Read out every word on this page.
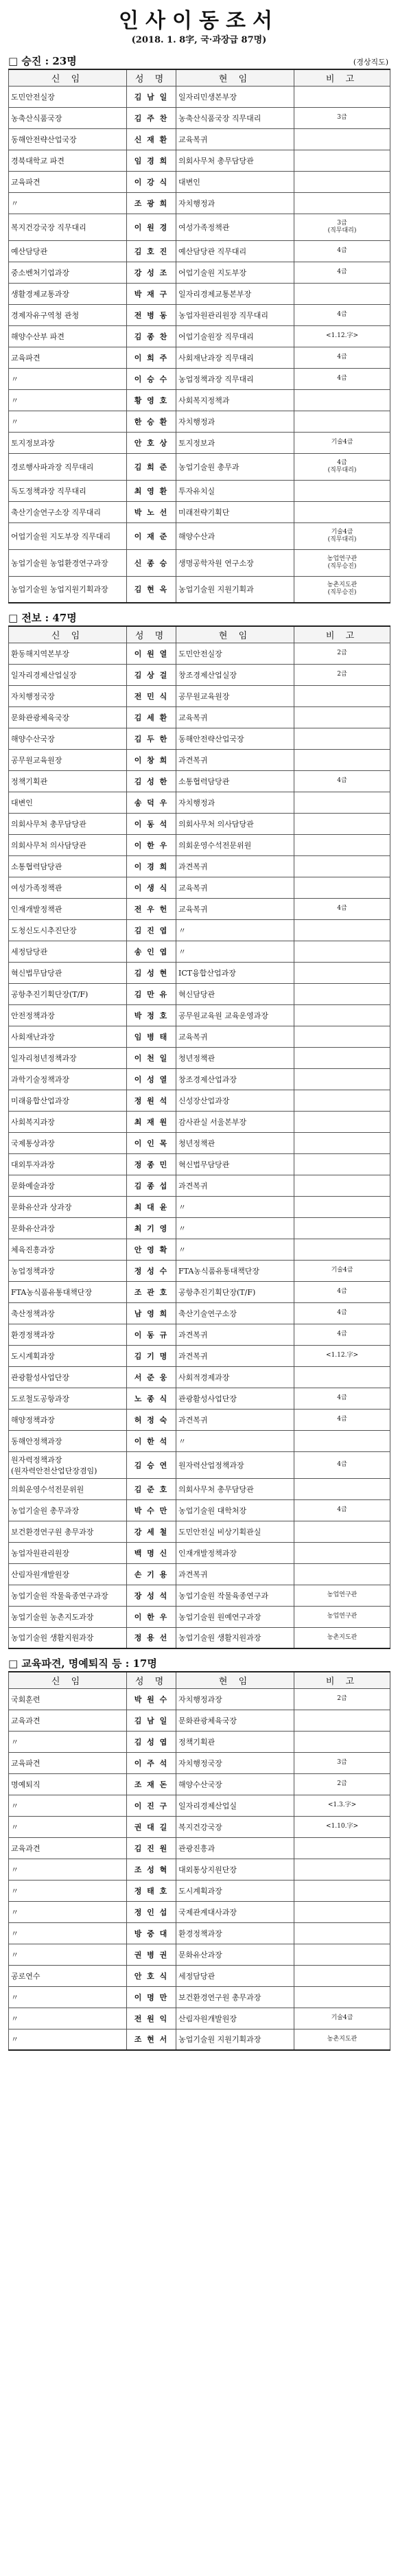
인사이동조서
(2018. 1. 8字, 국·과장급 87명)
□ 승진 : 23명	(경상직도)
신 임	성 명	현 임	비 고
도민안전실장	김 남 일	일자리민생본부장	
농축산식품국장	김 주 찬	농축산식품국장 직무대리	3급
동해안전략산업국장	신 재 환	교육복귀	
경북대학교 파견	임 경 희	의회사무처 총무담당관	
교육파견	이 강 식	대변인	
〃	조 광 희	자치행정과	
복지건강국장 직무대리	이 원 경	여성가족정책관	3급
(직무대리)
예산담당관	김 호 진	예산담당관 직무대리	4급
중소벤처기업과장	강 성 조	어업기술원 지도부장	4급
생활경제교통과장	박 재 구	일자리경제교통본부장	
경제자유구역청 관청	전 병 동	농업자원관리원장 직무대리	4급
해양수산부 파견	김 종 찬	어업기술원장 직무대리	<1.12.字>
교육파견	이 희 주	사회재난과장 직무대리	4급
〃	이 승 수	농업정책과장 직무대리	4급
〃	황 영 호	사회복지정책과	
〃	한 승 환	자치행정과	
토지정보과장	안 호 상	토지정보과	기술4급
경로행사파과장 직무대리	김 희 준	농업기술원 총무과	4급
(직무대리)
독도정책과장 직무대리	최 영 환	투자유치실	
축산기술연구소장 직무대리	박 노 선	미래전략기획단	
어업기술원 지도부장 직무대리	이 재 준	해양수산과	기술4급
(직무대리)
농업기술원 농업환경연구과장	신 종 승	생명공학자원 연구소장	농업연구관
(직무승진)
농업기술원 농업지원기획과장	김 현 옥	농업기술원 지원기획과	농촌지도관
(직무승진)
□ 전보 : 47명
신 임	성 명	현 임	비 고
환동해지역본부장	이 원 열	도민안전실장	2급
일자리경제산업실장	김 상 걸	창조경제산업실장	2급
자치행정국장	전 민 식	공무원교육원장	
문화관광체육국장	김 세 환	교육복귀	
해양수산국장	김 두 한	동해안전략산업국장	
공무원교육원장	이 창 희	과견복귀	
정책기획관	김 성 한	소통협력담당관	4급
대변인	송 덕 우	자치행정과	
의회사무처 총무담당관	이 동 석	의회사무처 의사담당관	
의회사무처 의사담당관	이 한 우	의회운영수석전문위원	
소통협력담당관	이 경 희	과견복귀	
여성가족정책관	이 생 식	교육복귀	
인재개발정책관	전 우 헌	교육복귀	4급
도청신도시추진단장	김 진 엽	〃	
세정담당관	송 인 엽	〃	
혁신법무담당관	김 성 현	ICT융합산업과장	
공항추진기획단장(T/F)	김 만 유	혁신담당관	
안전정책과장	박 정 호	공무원교육원 교육운영과장	
사회재난과장	임 병 태	교육복귀	
일자리청년정책과장	이 천 일	청년정책관	
과학기술정책과장	이 성 열	창조경제산업과장	
미래융합산업과장	정 원 석	신성장산업과장	
사회복지과장	최 재 원	감사관실 서울본부장	
국제통상과장	이 인 목	청년정책관	
대외투자과장	정 종 민	혁신법무담당관	
문화예술과장	김 종 섭	과견복귀	
문화유산과 상과장	최 대 윤	〃	
문화유산과장	최 기 영	〃	
체육진흥과장	안 영 확	〃	
농업정책과장	정 성 수	FTA농식품유통대책단장	기술4급
FTA농식품유통대책단장	조 관 호	공항추진기획단장(T/F)	4급
축산정책과장	남 영 희	축산기술연구소장	4급
환경정책과장	이 동 규	과견복귀	4급
도시계획과장	김 기 명	과견복귀	<1.12.字>
관광활성사업단장	서 준 웅	사회적경제과장	
도로철도공항과장	노 종 식	관광활성사업단장	4급
해양정책과장	허 정 숙	과견복귀	4급
동해안정책과장	이 한 석	〃	
원자력정책과장
(원자력안전산업단장겸임)	김 승 연	원자력산업정책과장	4급
의회운영수석전문위원	김 준 호	의회사무처 총무담당관	
농업기술원 총무과장	박 수 만	농업기술원 대학처장	4급
보건환경연구원 총무과장	강 세 철	도민안전실 비상기획관실	
농업자원관리원장	백 명 신	인재개발정책과장	
산림자원개발원장	손 기 용	과견복귀	
농업기술원 작물육종연구과장	장 성 석	농업기술원 작물육종연구과	농업연구관
농업기술원 농촌지도과장	이 한 우	농업기술원 원예연구과장	농업연구관
농업기술원 생활지원과장	정 용 선	농업기술원 생활지원과장	농촌지도관
□ 교육파견, 명예퇴직 등 : 17명
신 임	성 명	현 임	비 고
국회훈련	박 원 수	자치행정과장	2급
교육과견	김 남 일	문화관광체육국장	
〃	김 성 엽	정책기획관	
교육파견	이 주 석	자치행정국장	3급
명예퇴직	조 재 돈	해양수산국장	2급
〃	이 진 구	일자리경제산업실	<1.3.字>
〃	권 대 길	복지건강국장	<1.10.字>
교육과견	김 진 원	관광진흥과	
〃	조 성 혁	대외통상지원단장	
〃	정 태 호	도시계획과장	
〃	정 인 섭	국제관계대사과장	
〃	방 중 대	환경정책과장	
〃	권 병 권	문화유산과장	
공로연수	안 호 식	세정담당관	
〃	이 명 만	보건환경연구원 총무과장	
〃	전 원 익	산림자원개발원장	기술4급
〃	조 현 서	농업기술원 지원기획과장	농촌지도관
